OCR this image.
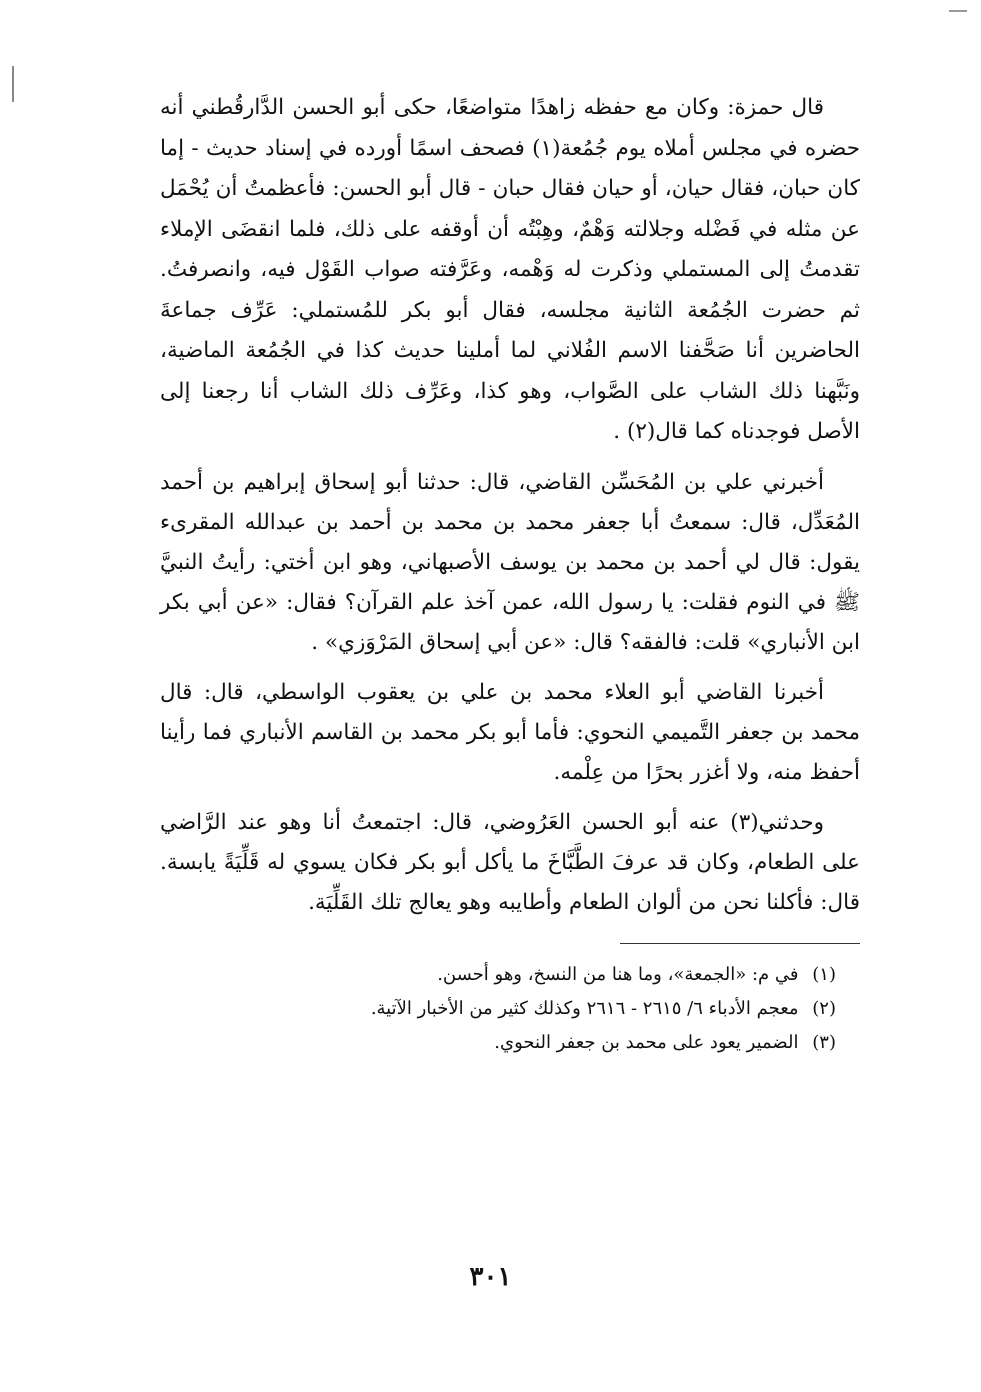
قال حمزة: وكان مع حفظه زاهدًا متواضعًا، حكى أبو الحسن الدَّارقُطني أنه حضره في مجلس أملاه يوم جُمُعة(١) فصحف اسمًا أورده في إسناد حديث - إما كان حبان، فقال حيان، أو حيان فقال حبان - قال أبو الحسن: فأعظمتُ أن يُحْمَل عن مثله في فَضْله وجلالته وَهْمٌ، وهِبْتُه أن أوقفه على ذلك، فلما انقضَى الإملاء تقدمتُ إلى المستملي وذكرت له وَهْمه، وعَرَّفته صواب القَوْل فيه، وانصرفتُ. ثم حضرت الجُمُعة الثانية مجلسه، فقال أبو بكر للمُستملي: عَرِّف جماعةَ الحاضرين أنا صَحَّفنا الاسم الفُلاني لما أملينا حديث كذا في الجُمُعة الماضية، ونَبَّهنا ذلك الشاب على الصَّواب، وهو كذا، وعَرِّف ذلك الشاب أنا رجعنا إلى الأصل فوجدناه كما قال(٢) .

أخبرني علي بن المُحَسِّن القاضي، قال: حدثنا أبو إسحاق إبراهيم بن أحمد المُعَدِّل، قال: سمعتُ أبا جعفر محمد بن محمد بن أحمد بن عبدالله المقرىء يقول: قال لي أحمد بن محمد بن يوسف الأصبهاني، وهو ابن أختي: رأيتُ النبيَّ ﷺ في النوم فقلت: يا رسول الله، عمن آخذ علم القرآن؟ فقال: «عن أبي بكر ابن الأنباري» قلت: فالفقه؟ قال: «عن أبي إسحاق المَرْوَزي» .

أخبرنا القاضي أبو العلاء محمد بن علي بن يعقوب الواسطي، قال: قال محمد بن جعفر التَّميمي النحوي: فأما أبو بكر محمد بن القاسم الأنباري فما رأينا أحفظ منه، ولا أغزر بحرًا من عِلْمه.

وحدثني(٣) عنه أبو الحسن العَرُوضي، قال: اجتمعتُ أنا وهو عند الرَّاضي على الطعام، وكان قد عرفَ الطَّبَّاخَ ما يأكل أبو بكر فكان يسوي له قَلِّيَةً يابسة. قال: فأكلنا نحن من ألوان الطعام وأطايبه وهو يعالج تلك القَلِّيَة.

(١) في م: «الجمعة»، وما هنا من النسخ، وهو أحسن.

(٢) معجم الأدباء ٦/ ٢٦١٥ - ٢٦١٦ وكذلك كثير من الأخبار الآتية.

(٣) الضمير يعود على محمد بن جعفر النحوي.

٣٠١
